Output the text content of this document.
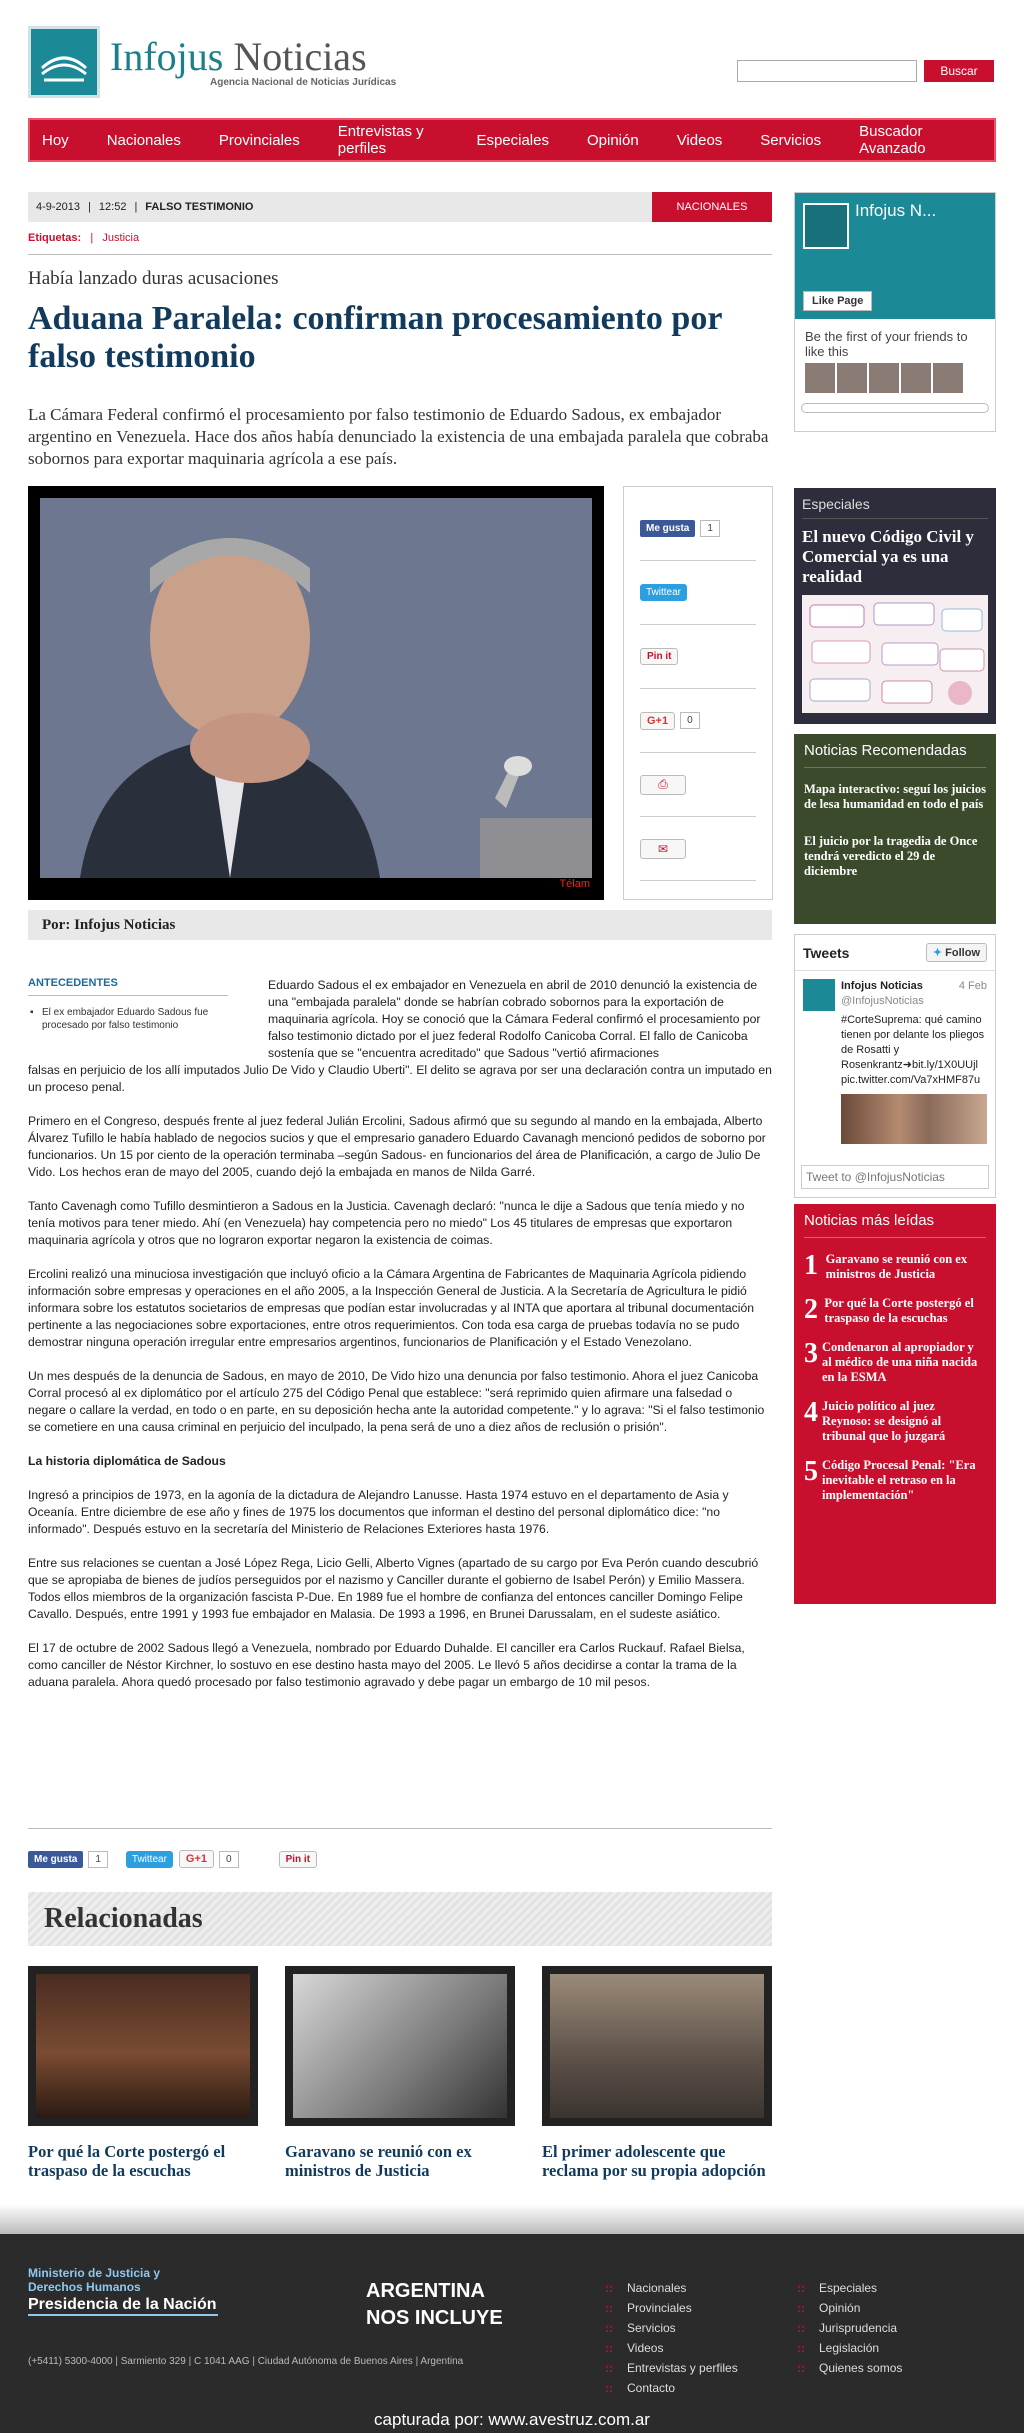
Infojus Noticias
Agencia Nacional de Noticias Jurídicas
Buscar
Hoy	Nacionales	Provinciales	Entrevistas y perfiles	Especiales	Opinión	Videos	Servicios	Buscador Avanzado
4-9-2013 | 12:52 | FALSO TESTIMONIO	NACIONALES
Etiquetas:   |   Justicia
Había lanzado duras acusaciones
Aduana Paralela: confirman procesamiento por falso testimonio

La Cámara Federal confirmó el procesamiento por falso testimonio de Eduardo Sadous, ex embajador argentino en Venezuela. Hace dos años había denunciado la existencia de una embajada paralela que cobraba sobornos para exportar maquinaria agrícola a ese país.

Télam
Me gusta	1
Twittear
Pin it
G+1	0
⎙
✉
Por: Infojus Noticias
ANTECEDENTES
▪ El ex embajador Eduardo Sadous fue procesado por falso testimonio

Eduardo Sadous el ex embajador en Venezuela en abril de 2010 denunció la existencia de una "embajada paralela" donde se habrían cobrado sobornos para la exportación de maquinaria agrícola. Hoy se conoció que la Cámara Federal confirmó el procesamiento por falso testimonio dictado por el juez federal Rodolfo Canicoba Corral. El fallo de Canicoba sostenía que se "encuentra acreditado" que Sadous "vertió afirmaciones

falsas en perjuicio de los allí imputados Julio De Vido y Claudio Uberti". El delito se agrava por ser una declaración contra un imputado en un proceso penal.

Primero en el Congreso, después frente al juez federal Julián Ercolini, Sadous afirmó que su segundo al mando en la embajada, Alberto Álvarez Tufillo le había hablado de negocios sucios y que el empresario ganadero Eduardo Cavanagh mencionó pedidos de soborno por funcionarios. Un 15 por ciento de la operación terminaba –según Sadous- en funcionarios del área de Planificación, a cargo de Julio De Vido. Los hechos eran de mayo del 2005, cuando dejó la embajada en manos de Nilda Garré.

Tanto Cavenagh como Tufillo desmintieron a Sadous en la Justicia. Cavenagh declaró: "nunca le dije a Sadous que tenía miedo y no tenía motivos para tener miedo. Ahí (en Venezuela) hay competencia pero no miedo" Los 45 titulares de empresas que exportaron maquinaria agrícola y otros que no lograron exportar negaron la existencia de coimas.

Ercolini realizó una minuciosa investigación que incluyó oficio a la Cámara Argentina de Fabricantes de Maquinaria Agrícola pidiendo información sobre empresas y operaciones en el año 2005, a la Inspección General de Justicia. A la Secretaría de Agricultura le pidió informara sobre los estatutos societarios de empresas que podían estar involucradas y al INTA que aportara al tribunal documentación pertinente a las negociaciones sobre exportaciones, entre otros requerimientos. Con toda esa carga de pruebas todavía no se pudo demostrar ninguna operación irregular entre empresarios argentinos, funcionarios de Planificación y el Estado Venezolano.

Un mes después de la denuncia de Sadous, en mayo de 2010, De Vido hizo una denuncia por falso testimonio. Ahora el juez Canicoba Corral procesó al ex diplomático por el artículo 275 del Código Penal que establece: "será reprimido quien afirmare una falsedad o negare o callare la verdad, en todo o en parte, en su deposición hecha ante la autoridad competente." y lo agrava: "Si el falso testimonio se cometiere en una causa criminal en perjuicio del inculpado, la pena será de uno a diez años de reclusión o prisión".

La historia diplomática de Sadous

Ingresó a principios de 1973, en la agonía de la dictadura de Alejandro Lanusse. Hasta 1974 estuvo en el departamento de Asia y Oceanía. Entre diciembre de ese año y fines de 1975 los documentos que informan el destino del personal diplomático dice: "no informado". Después estuvo en la secretaría del Ministerio de Relaciones Exteriores hasta 1976.

Entre sus relaciones se cuentan a José López Rega, Licio Gelli, Alberto Vignes (apartado de su cargo por Eva Perón cuando descubrió que se apropiaba de bienes de judíos perseguidos por el nazismo y Canciller durante el gobierno de Isabel Perón) y Emilio Massera. Todos ellos miembros de la organización fascista P-Due. En 1989 fue el hombre de confianza del entonces canciller Domingo Felipe Cavallo. Después, entre 1991 y 1993 fue embajador en Malasia. De 1993 a 1996, en Brunei Darussalam, en el sudeste asiático.

El 17 de octubre de 2002 Sadous llegó a Venezuela, nombrado por Eduardo Duhalde. El canciller era Carlos Ruckauf. Rafael Bielsa, como canciller de Néstor Kirchner, lo sostuvo en ese destino hasta mayo del 2005. Le llevó 5 años decidirse a contar la trama de la aduana paralela. Ahora quedó procesado por falso testimonio agravado y debe pagar un embargo de 10 mil pesos.

Me gusta	1	Twittear	G+1	0	Pin it
Relacionadas
Por qué la Corte postergó el traspaso de la escuchas
Garavano se reunió con ex ministros de Justicia
El primer adolescente que reclama por su propia adopción
Infojus N...
Like Page
Be the first of your friends to like this
Especiales
El nuevo Código Civil y Comercial ya es una realidad
Noticias Recomendadas
Mapa interactivo: seguí los juicios de lesa humanidad en todo el país
El juicio por la tragedia de Once tendrá veredicto el 29 de diciembre
Tweets	✦ Follow
Infojus Noticias	4 Feb
@InfojusNoticias
#CorteSuprema: qué camino tienen por delante los pliegos de Rosatti y Rosenkrantz➜bit.ly/1X0UUjl pic.twitter.com/Va7xHMF87u
Tweet to @InfojusNoticias
Noticias más leídas
1 Garavano se reunió con ex ministros de Justicia
2 Por qué la Corte postergó el traspaso de la escuchas
3 Condenaron al apropiador y al médico de una niña nacida en la ESMA
4 Juicio político al juez Reynoso: se designó al tribunal que lo juzgará
5 Código Procesal Penal: "Era inevitable el retraso en la implementación"
Ministerio de Justicia y Derechos Humanos
Presidencia de la Nación
(+5411) 5300-4000 | Sarmiento 329 | C 1041 AAG | Ciudad Autónoma de Buenos Aires | Argentina
ARGENTINA
NOS INCLUYE
Nacionales ::
Provinciales ::
Servicios ::
Videos ::
Entrevistas y perfiles ::
Contacto ::
Especiales ::
Opinión ::
Jurisprudencia ::
Legislación ::
Quienes somos ::
capturada por: www.avestruz.com.ar
